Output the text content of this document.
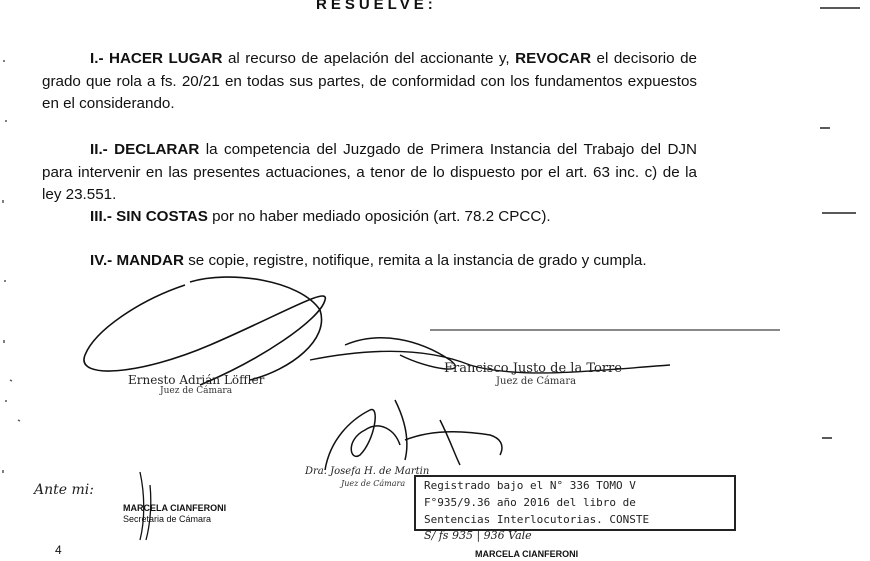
RESUELVE:
I.- HACER LUGAR al recurso de apelación del accionante y, REVOCAR el decisorio de grado que rola a fs. 20/21 en todas sus partes, de conformidad con los fundamentos expuestos en el considerando.
II.- DECLARAR la competencia del Juzgado de Primera Instancia del Trabajo del DJN para intervenir en las presentes actuaciones, a tenor de lo dispuesto por el art. 63 inc. c) de la ley 23.551.
III.- SIN COSTAS por no haber mediado oposición (art. 78.2 CPCC).
IV.- MANDAR se copie, registre, notifique, remita a la instancia de grado y cumpla.
Ernesto Adrián Löffler
Juez de Cámara
Francisco Justo de la Torre
Juez de Cámara
Dra. Josefa H. de Martin
Juez de Cámara
Ante mi:
MARCELA CIANFERONI
Secretaria de Cámara
Registrado bajo el N° 336 TOMO V
F°935/9.36 año 2016 del libro de
Sentencias Interlocutorias. CONSTE
S/ fs 935 | 936 Vale
MARCELA CIANFERONI
4
